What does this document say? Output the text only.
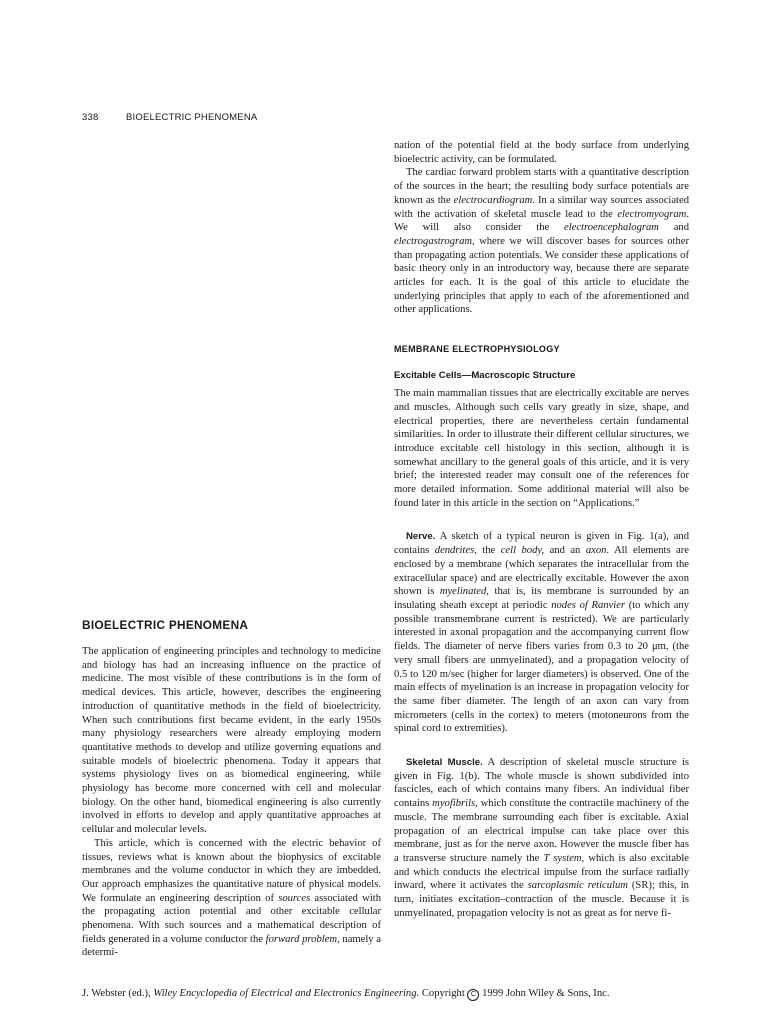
338	BIOELECTRIC PHENOMENA
BIOELECTRIC PHENOMENA

The application of engineering principles and technology to medicine and biology has had an increasing influence on the practice of medicine. The most visible of these contributions is in the form of medical devices. This article, however, describes the engineering introduction of quantitative methods in the field of bioelectricity. When such contributions first became evident, in the early 1950s many physiology researchers were already employing modern quantitative methods to develop and utilize governing equations and suitable models of bioelectric phenomena. Today it appears that systems physiology lives on as biomedical engineering, while physiology has become more concerned with cell and molecular biology. On the other hand, biomedical engineering is also currently involved in efforts to develop and apply quantitative approaches at cellular and molecular levels.

This article, which is concerned with the electric behavior of tissues, reviews what is known about the biophysics of excitable membranes and the volume conductor in which they are imbedded. Our approach emphasizes the quantitative nature of physical models. We formulate an engineering description of sources associated with the propagating action potential and other excitable cellular phenomena. With such sources and a mathematical description of fields generated in a volume conductor the forward problem, namely a determi-

nation of the potential field at the body surface from underlying bioelectric activity, can be formulated.

The cardiac forward problem starts with a quantitative description of the sources in the heart; the resulting body surface potentials are known as the electrocardiogram. In a similar way sources associated with the activation of skeletal muscle lead to the electromyogram. We will also consider the electroencephalogram and electrogastrogram, where we will discover bases for sources other than propagating action potentials. We consider these applications of basic theory only in an introductory way, because there are separate articles for each. It is the goal of this article to elucidate the underlying principles that apply to each of the aforementioned and other applications.

MEMBRANE ELECTROPHYSIOLOGY
Excitable Cells—Macroscopic Structure

The main mammalian tissues that are electrically excitable are nerves and muscles. Although such cells vary greatly in size, shape, and electrical properties, there are nevertheless certain fundamental similarities. In order to illustrate their different cellular structures, we introduce excitable cell histology in this section, although it is somewhat ancillary to the general goals of this article, and it is very brief; the interested reader may consult one of the references for more detailed information. Some additional material will also be found later in this article in the section on “Applications.”

Nerve. A sketch of a typical neuron is given in Fig. 1(a), and contains dendrites, the cell body, and an axon. All elements are enclosed by a membrane (which separates the intracellular from the extracellular space) and are electrically excitable. However the axon shown is myelinated, that is, its membrane is surrounded by an insulating sheath except at periodic nodes of Ranvier (to which any possible transmembrane current is restricted). We are particularly interested in axonal propagation and the accompanying current flow fields. The diameter of nerve fibers varies from 0.3 to 20 μm, (the very small fibers are unmyelinated), and a propagation velocity of 0.5 to 120 m/sec (higher for larger diameters) is observed. One of the main effects of myelination is an increase in propagation velocity for the same fiber diameter. The length of an axon can vary from micrometers (cells in the cortex) to meters (motoneurons from the spinal cord to extremities).

Skeletal Muscle. A description of skeletal muscle structure is given in Fig. 1(b). The whole muscle is shown subdivided into fascicles, each of which contains many fibers. An individual fiber contains myofibrils, which constitute the contractile machinery of the muscle. The membrane surrounding each fiber is excitable. Axial propagation of an electrical impulse can take place over this membrane, just as for the nerve axon. However the muscle fiber has a transverse structure namely the T system, which is also excitable and which conducts the electrical impulse from the surface radially inward, where it activates the sarcoplasmic reticulum (SR); this, in turn, initiates excitation–contraction of the muscle. Because it is unmyelinated, propagation velocity is not as great as for nerve fi-

J. Webster (ed.), Wiley Encyclopedia of Electrical and Electronics Engineering. Copyright C 1999 John Wiley & Sons, Inc.
